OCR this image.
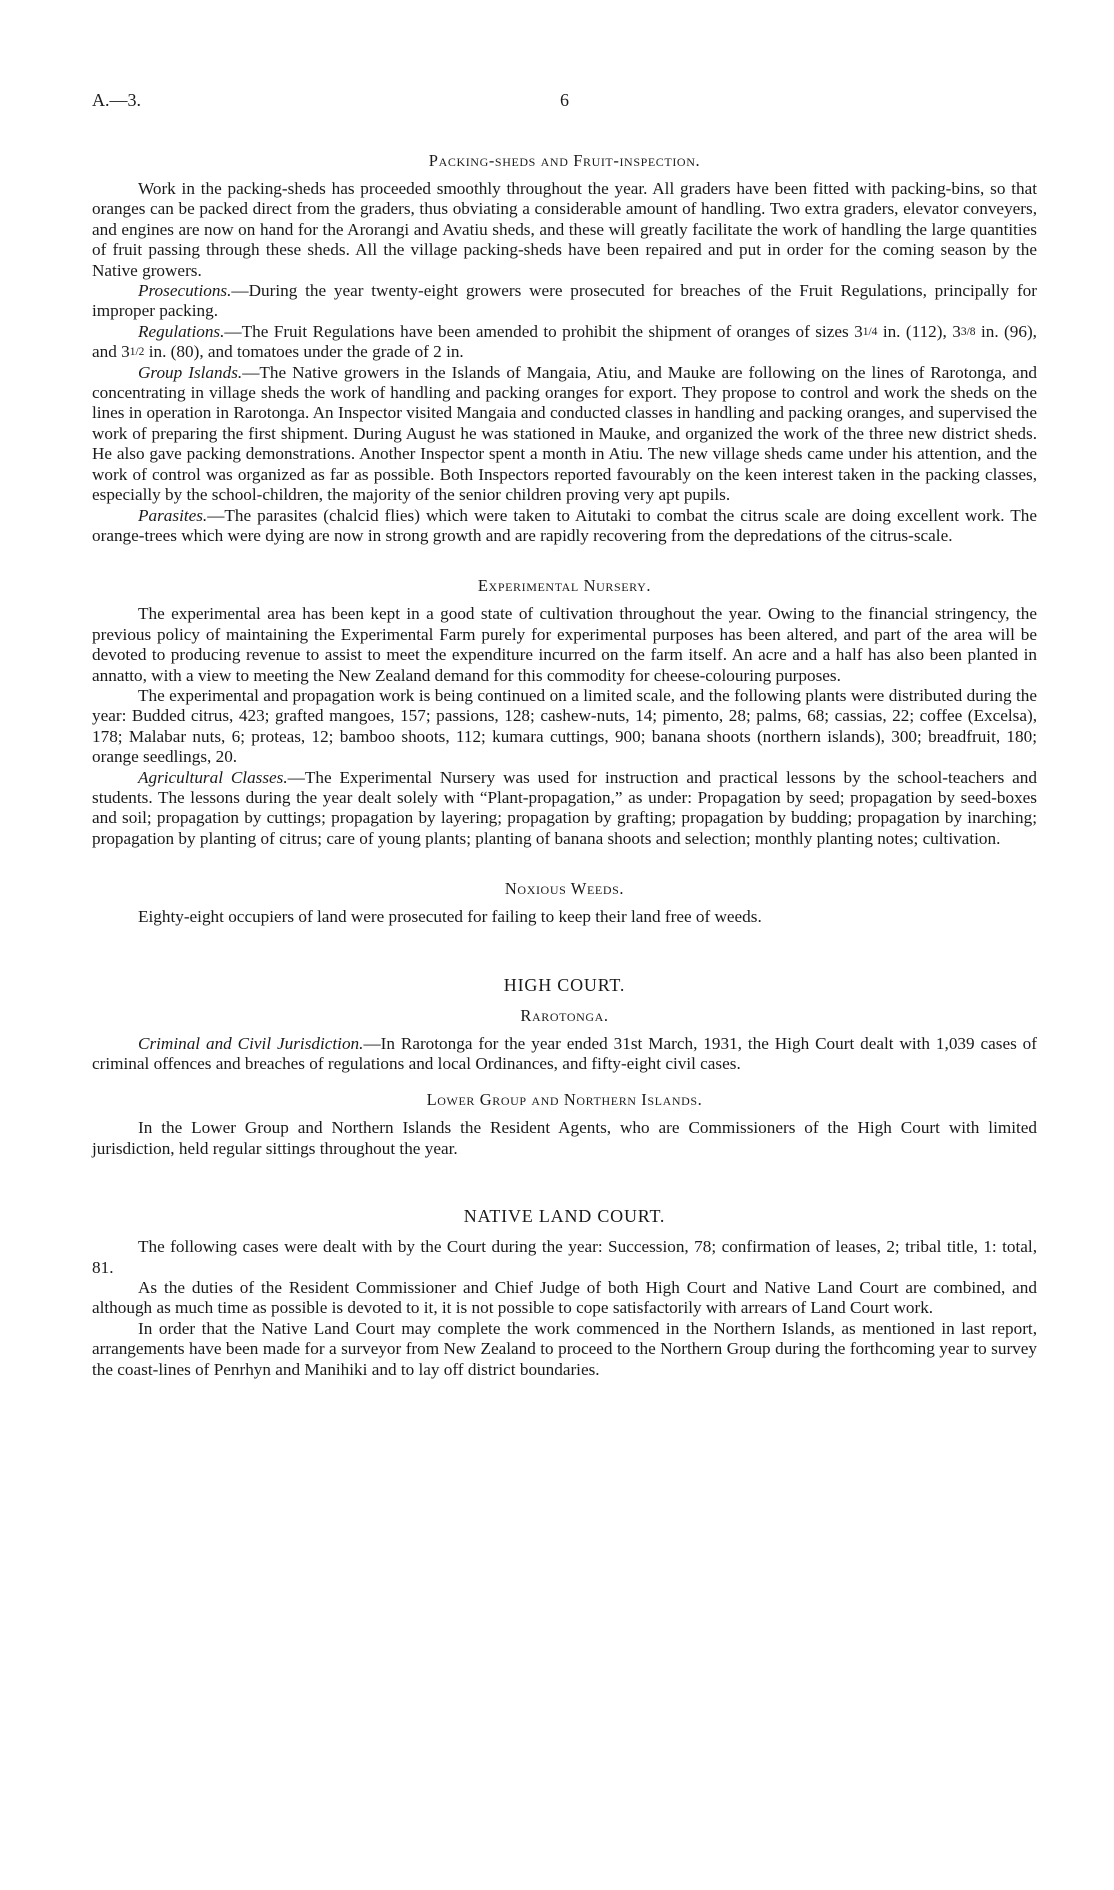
A.—3.	6
Packing-sheds and Fruit-inspection.

Work in the packing-sheds has proceeded smoothly throughout the year. All graders have been fitted with packing-bins, so that oranges can be packed direct from the graders, thus obviating a considerable amount of handling. Two extra graders, elevator conveyers, and engines are now on hand for the Arorangi and Avatiu sheds, and these will greatly facilitate the work of handling the large quantities of fruit passing through these sheds. All the village packing-sheds have been repaired and put in order for the coming season by the Native growers.

Prosecutions.—During the year twenty-eight growers were prosecuted for breaches of the Fruit Regulations, principally for improper packing.

Regulations.—The Fruit Regulations have been amended to prohibit the shipment of oranges of sizes 31/4 in. (112), 33/8 in. (96), and 31/2 in. (80), and tomatoes under the grade of 2 in.

Group Islands.—The Native growers in the Islands of Mangaia, Atiu, and Mauke are following on the lines of Rarotonga, and concentrating in village sheds the work of handling and packing oranges for export. They propose to control and work the sheds on the lines in operation in Rarotonga. An Inspector visited Mangaia and conducted classes in handling and packing oranges, and supervised the work of preparing the first shipment. During August he was stationed in Mauke, and organized the work of the three new district sheds. He also gave packing demonstrations. Another Inspector spent a month in Atiu. The new village sheds came under his attention, and the work of control was organized as far as possible. Both Inspectors reported favourably on the keen interest taken in the packing classes, especially by the school-children, the majority of the senior children proving very apt pupils.

Parasites.—The parasites (chalcid flies) which were taken to Aitutaki to combat the citrus scale are doing excellent work. The orange-trees which were dying are now in strong growth and are rapidly recovering from the depredations of the citrus-scale.

Experimental Nursery.

The experimental area has been kept in a good state of cultivation throughout the year. Owing to the financial stringency, the previous policy of maintaining the Experimental Farm purely for experimental purposes has been altered, and part of the area will be devoted to producing revenue to assist to meet the expenditure incurred on the farm itself. An acre and a half has also been planted in annatto, with a view to meeting the New Zealand demand for this commodity for cheese-colouring purposes.

The experimental and propagation work is being continued on a limited scale, and the following plants were distributed during the year: Budded citrus, 423; grafted mangoes, 157; passions, 128; cashew-nuts, 14; pimento, 28; palms, 68; cassias, 22; coffee (Excelsa), 178; Malabar nuts, 6; proteas, 12; bamboo shoots, 112; kumara cuttings, 900; banana shoots (northern islands), 300; breadfruit, 180; orange seedlings, 20.

Agricultural Classes.—The Experimental Nursery was used for instruction and practical lessons by the school-teachers and students. The lessons during the year dealt solely with “Plant-propagation,” as under: Propagation by seed; propagation by seed-boxes and soil; propagation by cuttings; propagation by layering; propagation by grafting; propagation by budding; propagation by inarching; propagation by planting of citrus; care of young plants; planting of banana shoots and selection; monthly planting notes; cultivation.

Noxious Weeds.

Eighty-eight occupiers of land were prosecuted for failing to keep their land free of weeds.

HIGH COURT.
Rarotonga.

Criminal and Civil Jurisdiction.—In Rarotonga for the year ended 31st March, 1931, the High Court dealt with 1,039 cases of criminal offences and breaches of regulations and local Ordinances, and fifty-eight civil cases.

Lower Group and Northern Islands.

In the Lower Group and Northern Islands the Resident Agents, who are Commissioners of the High Court with limited jurisdiction, held regular sittings throughout the year.

NATIVE LAND COURT.

The following cases were dealt with by the Court during the year: Succession, 78; confirmation of leases, 2; tribal title, 1: total, 81.

As the duties of the Resident Commissioner and Chief Judge of both High Court and Native Land Court are combined, and although as much time as possible is devoted to it, it is not possible to cope satisfactorily with arrears of Land Court work.

In order that the Native Land Court may complete the work commenced in the Northern Islands, as mentioned in last report, arrangements have been made for a surveyor from New Zealand to proceed to the Northern Group during the forthcoming year to survey the coast-lines of Penrhyn and Manihiki and to lay off district boundaries.
